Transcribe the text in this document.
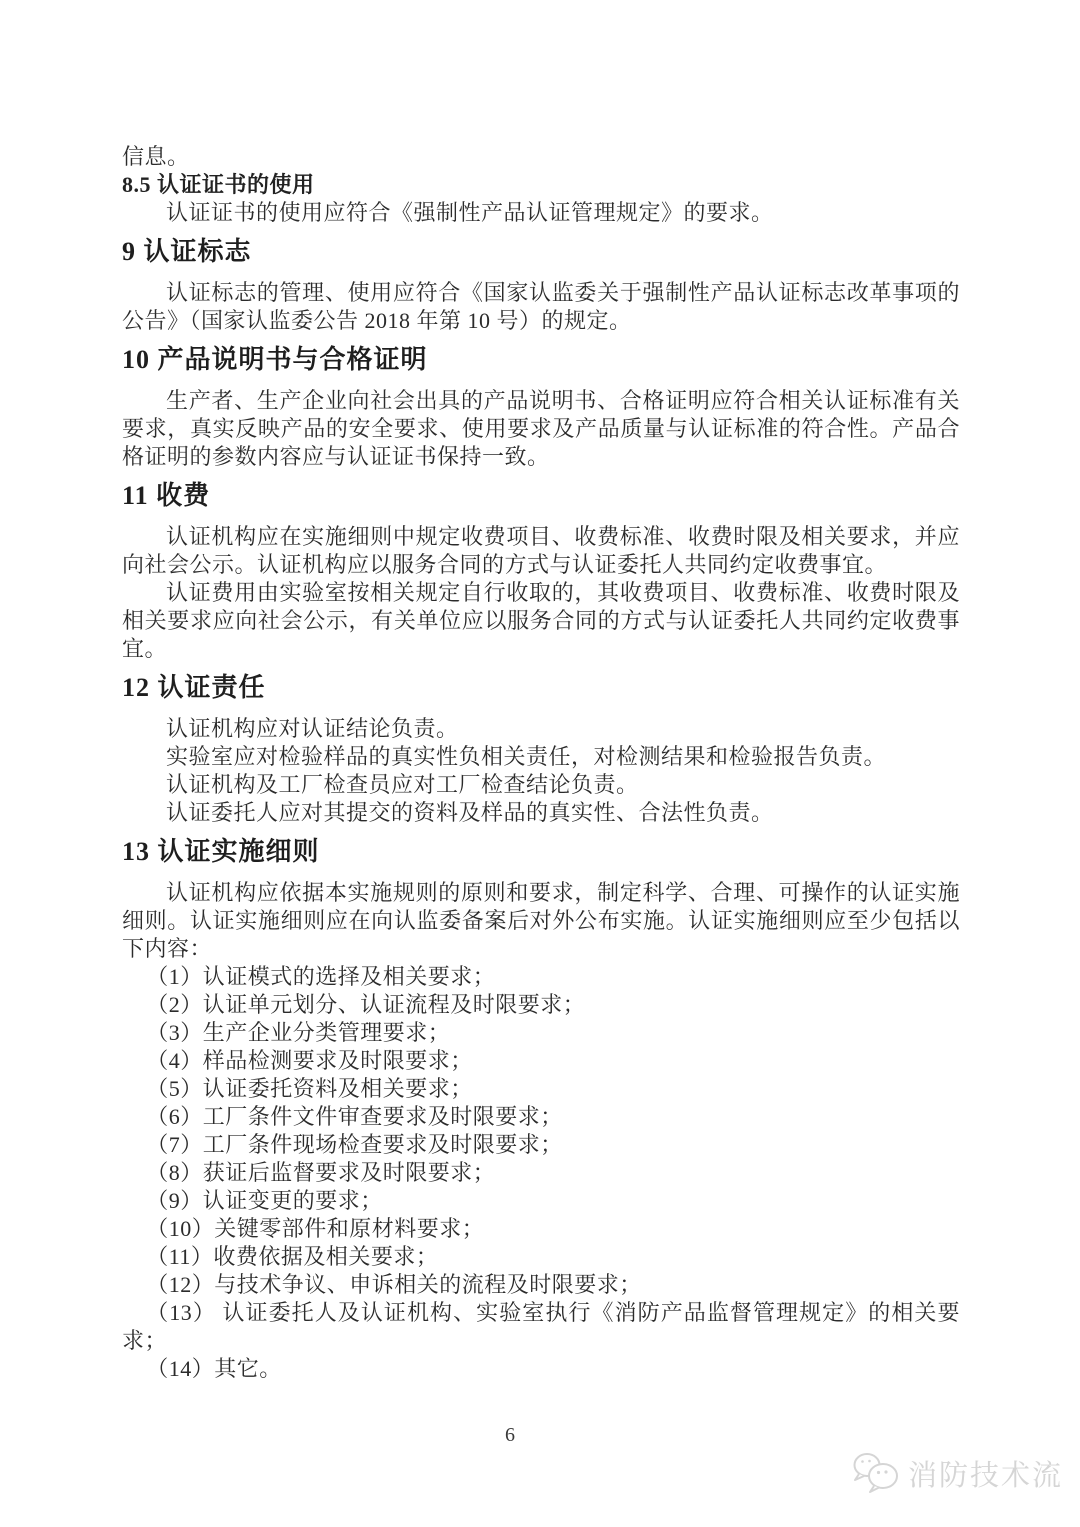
信息。

8.5 认证证书的使用

认证证书的使用应符合《强制性产品认证管理规定》的要求。

9 认证标志

认证标志的管理、使用应符合《国家认监委关于强制性产品认证标志改革事项的公告》（国家认监委公告 2018 年第 10 号）的规定。

10 产品说明书与合格证明

生产者、生产企业向社会出具的产品说明书、合格证明应符合相关认证标准有关要求，真实反映产品的安全要求、使用要求及产品质量与认证标准的符合性。产品合格证明的参数内容应与认证证书保持一致。

11 收费

认证机构应在实施细则中规定收费项目、收费标准、收费时限及相关要求，并应向社会公示。认证机构应以服务合同的方式与认证委托人共同约定收费事宜。

认证费用由实验室按相关规定自行收取的，其收费项目、收费标准、收费时限及相关要求应向社会公示，有关单位应以服务合同的方式与认证委托人共同约定收费事宜。

12 认证责任

认证机构应对认证结论负责。

实验室应对检验样品的真实性负相关责任，对检测结果和检验报告负责。

认证机构及工厂检查员应对工厂检查结论负责。

认证委托人应对其提交的资料及样品的真实性、合法性负责。

13 认证实施细则

认证机构应依据本实施规则的原则和要求，制定科学、合理、可操作的认证实施细则。认证实施细则应在向认监委备案后对外公布实施。认证实施细则应至少包括以下内容：

（1）认证模式的选择及相关要求；

（2）认证单元划分、认证流程及时限要求；

（3）生产企业分类管理要求；

（4）样品检测要求及时限要求；

（5）认证委托资料及相关要求；

（6）工厂条件文件审查要求及时限要求；

（7）工厂条件现场检查要求及时限要求；

（8）获证后监督要求及时限要求；

（9）认证变更的要求；

（10）关键零部件和原材料要求；

（11）收费依据及相关要求；

（12）与技术争议、申诉相关的流程及时限要求；

（13） 认证委托人及认证机构、实验室执行《消防产品监督管理规定》的相关要求；

（14）其它。

6
消防技术流
